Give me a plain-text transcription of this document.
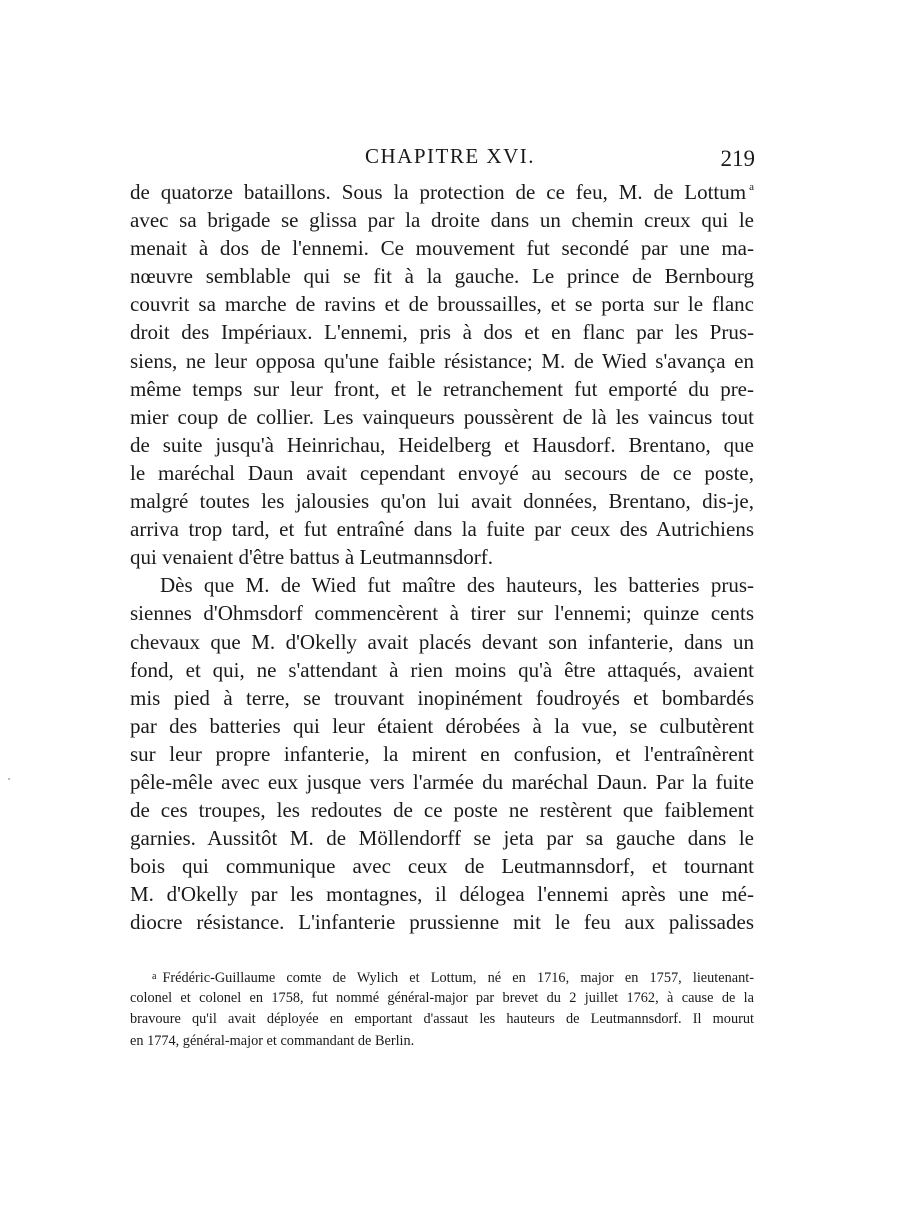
CHAPITRE XVI.	219
de quatorze bataillons. Sous la protection de ce feu, M. de Lottum $^a$
avec sa brigade se glissa par la droite dans un chemin creux qui le
menait à dos de l'ennemi. Ce mouvement fut secondé par une ma-
nœuvre semblable qui se fit à la gauche. Le prince de Bernbourg
couvrit sa marche de ravins et de broussailles, et se porta sur le flanc
droit des Impériaux. L'ennemi, pris à dos et en flanc par les Prus-
siens, ne leur opposa qu'une faible résistance; M. de Wied s'avança en
même temps sur leur front, et le retranchement fut emporté du pre-
mier coup de collier. Les vainqueurs poussèrent de là les vaincus tout
de suite jusqu'à Heinrichau, Heidelberg et Hausdorf. Brentano, que
le maréchal Daun avait cependant envoyé au secours de ce poste,
malgré toutes les jalousies qu'on lui avait données, Brentano, dis-je,
arriva trop tard, et fut entraîné dans la fuite par ceux des Autrichiens
qui venaient d'être battus à Leutmannsdorf.
Dès que M. de Wied fut maître des hauteurs, les batteries prus-
siennes d'Ohmsdorf commencèrent à tirer sur l'ennemi; quinze cents
chevaux que M. d'Okelly avait placés devant son infanterie, dans un
fond, et qui, ne s'attendant à rien moins qu'à être attaqués, avaient
mis pied à terre, se trouvant inopinément foudroyés et bombardés
par des batteries qui leur étaient dérobées à la vue, se culbutèrent
sur leur propre infanterie, la mirent en confusion, et l'entraînèrent
pêle-mêle avec eux jusque vers l'armée du maréchal Daun. Par la fuite
de ces troupes, les redoutes de ce poste ne restèrent que faiblement
garnies. Aussitôt M. de Möllendorff se jeta par sa gauche dans le
bois qui communique avec ceux de Leutmannsdorf, et tournant
M. d'Okelly par les montagnes, il délogea l'ennemi après une mé-
diocre résistance. L'infanterie prussienne mit le feu aux palissades
$^a$ Frédéric-Guillaume comte de Wylich et Lottum, né en 1716, major en 1757, lieutenant-
colonel et colonel en 1758, fut nommé général-major par brevet du 2 juillet 1762, à cause de la
bravoure qu'il avait déployée en emportant d'assaut les hauteurs de Leutmannsdorf. Il mourut
en 1774, général-major et commandant de Berlin.
